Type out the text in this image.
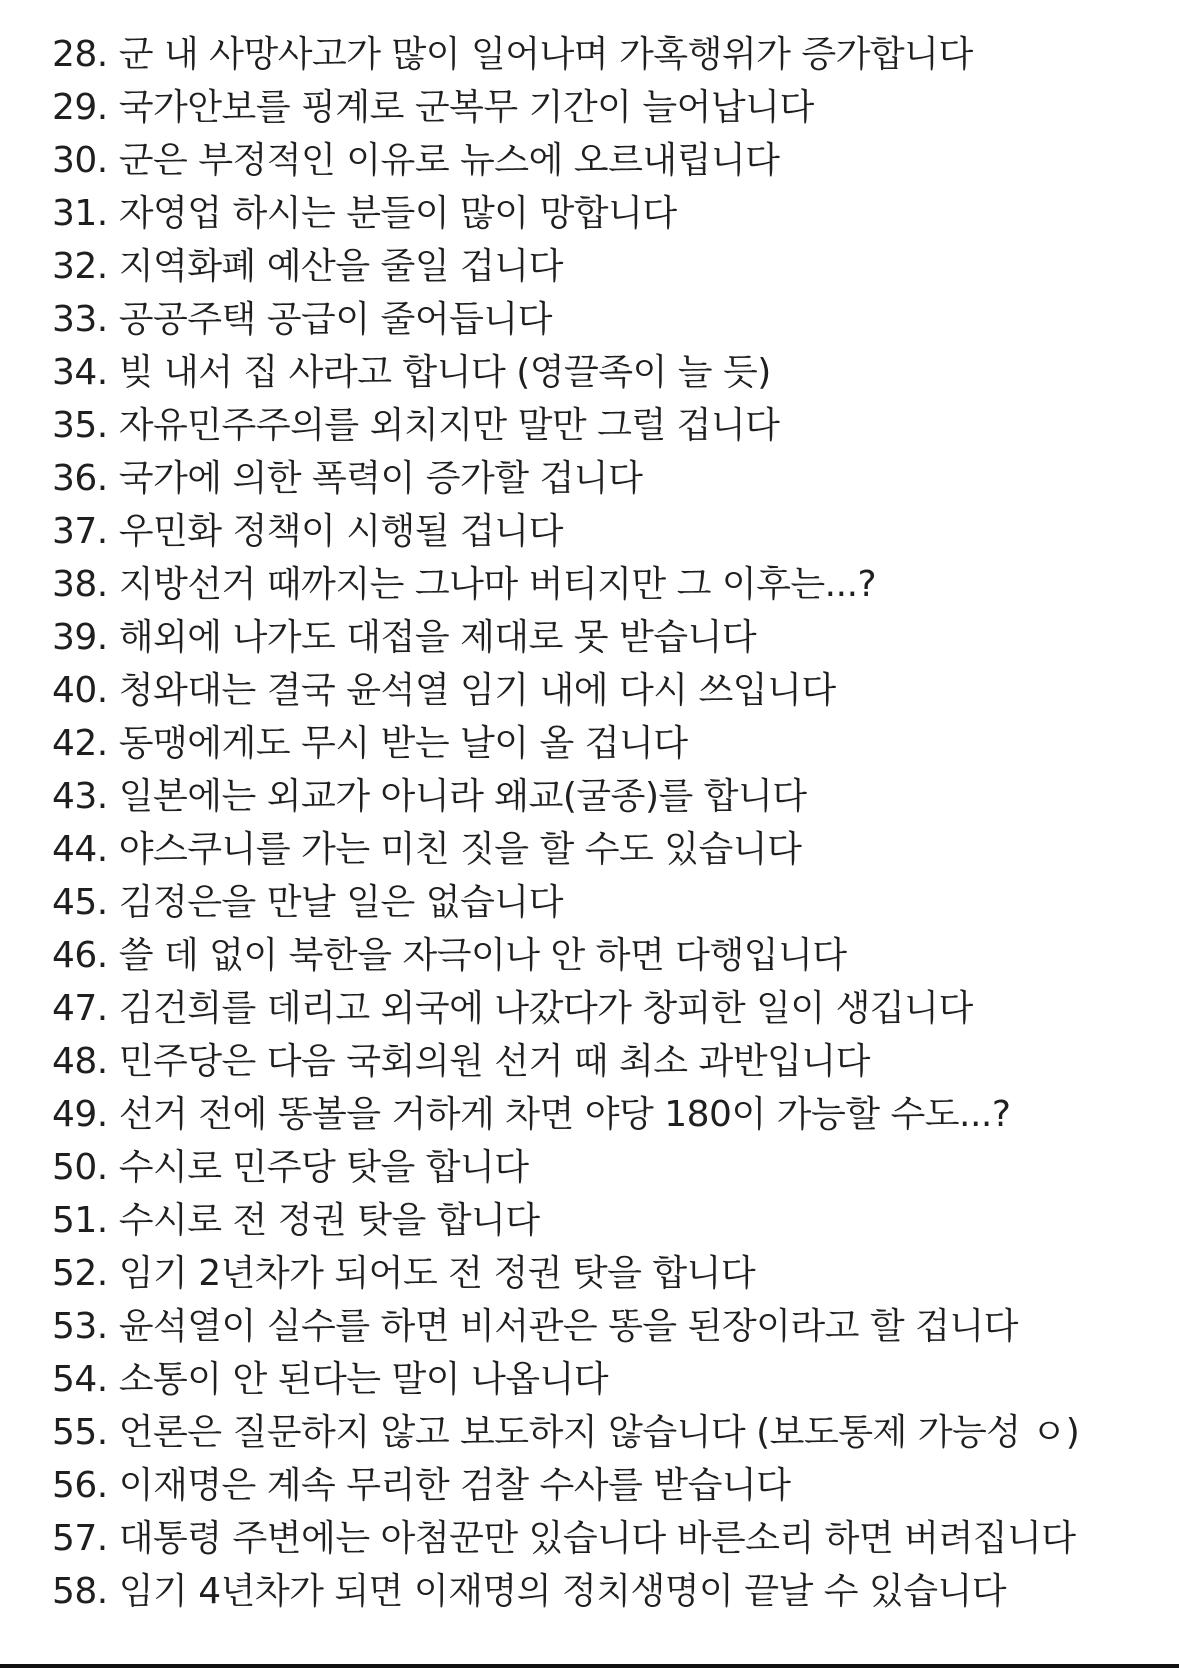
28. 군 내 사망사고가 많이 일어나며 가혹행위가 증가합니다
29. 국가안보를 핑계로 군복무 기간이 늘어납니다
30. 군은 부정적인 이유로 뉴스에 오르내립니다
31. 자영업 하시는 분들이 많이 망합니다
32. 지역화폐 예산을 줄일 겁니다
33. 공공주택 공급이 줄어듭니다
34. 빚 내서 집 사라고 합니다 (영끌족이 늘 듯)
35. 자유민주주의를 외치지만 말만 그럴 겁니다
36. 국가에 의한 폭력이 증가할 겁니다
37. 우민화 정책이 시행될 겁니다
38. 지방선거 때까지는 그나마 버티지만 그 이후는...?
39. 해외에 나가도 대접을 제대로 못 받습니다
40. 청와대는 결국 윤석열 임기 내에 다시 쓰입니다
42. 동맹에게도 무시 받는 날이 올 겁니다
43. 일본에는 외교가 아니라 왜교(굴종)를 합니다
44. 야스쿠니를 가는 미친 짓을 할 수도 있습니다
45. 김정은을 만날 일은 없습니다
46. 쓸 데 없이 북한을 자극이나 안 하면 다행입니다
47. 김건희를 데리고 외국에 나갔다가 창피한 일이 생깁니다
48. 민주당은 다음 국회의원 선거 때 최소 과반입니다
49. 선거 전에 똥볼을 거하게 차면 야당 180이 가능할 수도...?
50. 수시로 민주당 탓을 합니다
51. 수시로 전 정권 탓을 합니다
52. 임기 2년차가 되어도 전 정권 탓을 합니다
53. 윤석열이 실수를 하면 비서관은 똥을 된장이라고 할 겁니다
54. 소통이 안 된다는 말이 나옵니다
55. 언론은 질문하지 않고 보도하지 않습니다 (보도통제 가능성 ㅇ)
56. 이재명은 계속 무리한 검찰 수사를 받습니다
57. 대통령 주변에는 아첨꾼만 있습니다 바른소리 하면 버려집니다
58. 임기 4년차가 되면 이재명의 정치생명이 끝날 수 있습니다
